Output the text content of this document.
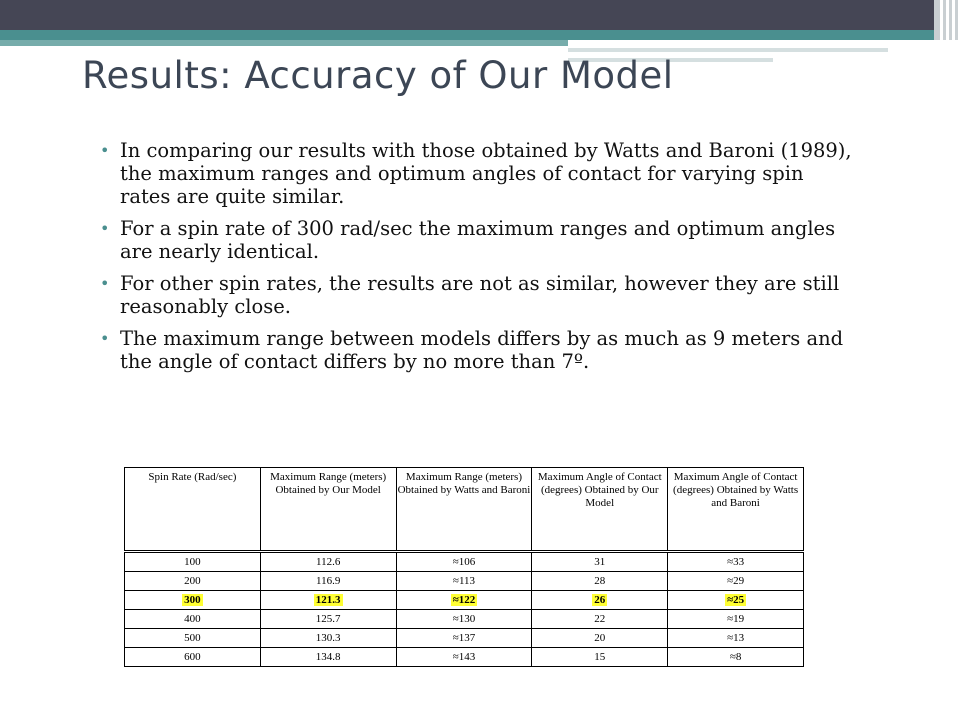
Results: Accuracy of Our Model
• In comparing our results with those obtained by Watts and Baroni (1989), the maximum ranges and optimum angles of contact for varying spin rates are quite similar.
• For a spin rate of 300 rad/sec the maximum ranges and optimum angles are nearly identical.
• For other spin rates, the results are not as similar, however they are still reasonably close.
• The maximum range between models differs by as much as 9 meters and the angle of contact differs by no more than 7º.
Spin Rate (Rad/sec)	Maximum Range (meters) Obtained by Our Model	Maximum Range (meters) Obtained by Watts and Baroni	Maximum Angle of Contact (degrees) Obtained by Our Model	Maximum Angle of Contact (degrees) Obtained by Watts and Baroni
100	112.6	≈106	31	≈33
200	116.9	≈113	28	≈29
300	121.3	≈122	26	≈25
400	125.7	≈130	22	≈19
500	130.3	≈137	20	≈13
600	134.8	≈143	15	≈8
